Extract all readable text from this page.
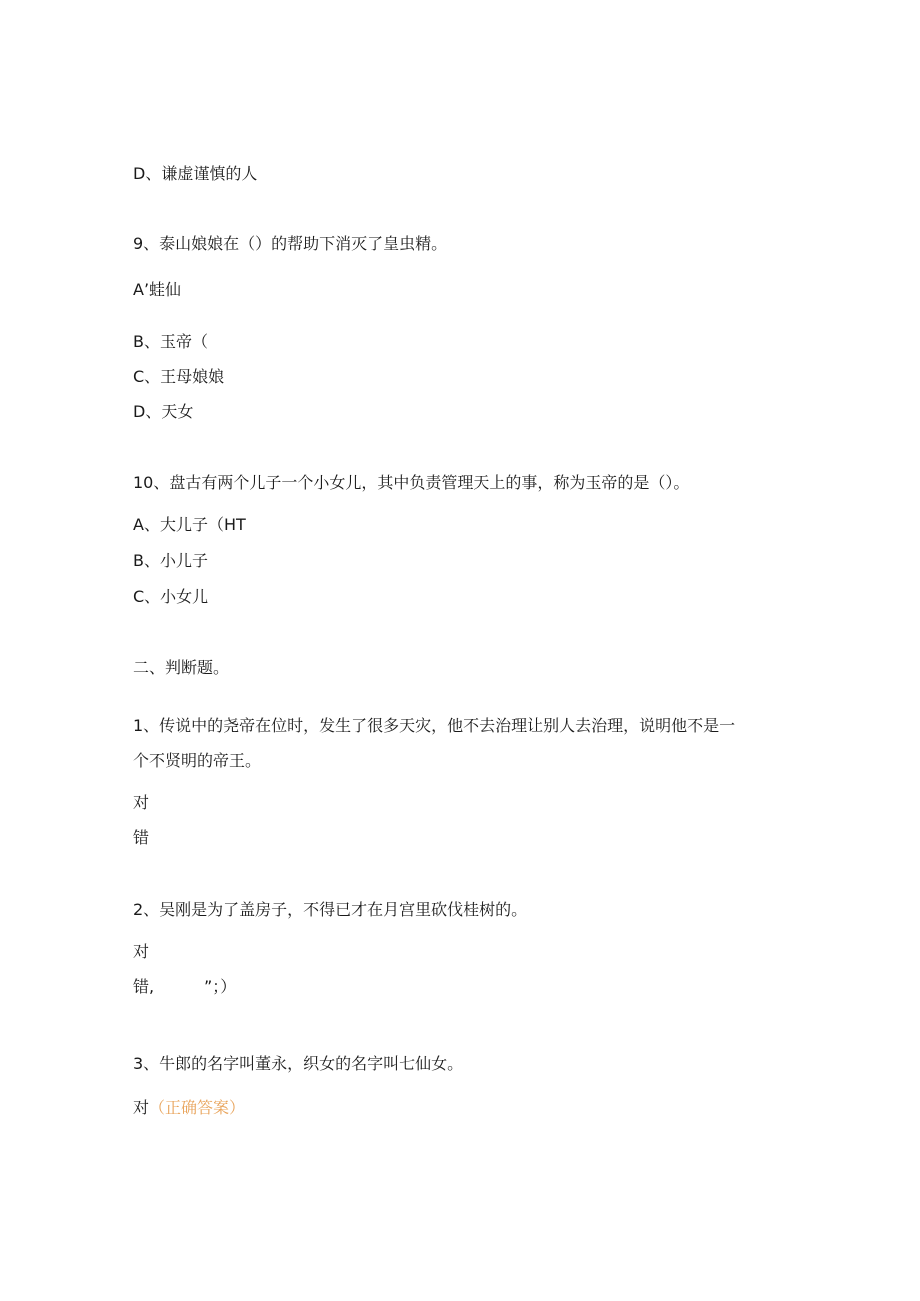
D、谦虚谨慎的人
9、泰山娘娘在（）的帮助下消灭了皇虫精。
A’蛙仙
B、玉帝（
C、王母娘娘
D、天女
10、盘古有两个儿子一个小女儿，其中负责管理天上的事，称为玉帝的是（）。
A、大儿子（HT
B、小儿子
C、小女儿
二、判断题。
1、传说中的尧帝在位时，发生了很多天灾，他不去治理让别人去治理，说明他不是一
个不贤明的帝王。
对
错
2、吴刚是为了盖房子，不得已才在月宫里砍伐桂树的。
对
错,	”；）
3、牛郎的名字叫董永，织女的名字叫七仙女。
对（正确答案）
